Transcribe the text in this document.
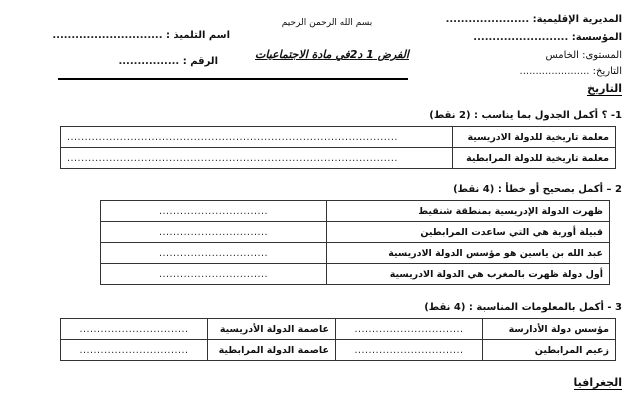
المديرية الإقليمية: ......................
المؤسسة: .........................
المستوى: الخامس
التاريخ: ......................
التاريخ
بسم الله الرحمن الرحيم
الفرض 1 د2في مادة الاجتماعيات
اسم التلميذ : .............................
الرقم : ................
1- ؟ أكمل الجدول بما يناسب : (2 نقط)
معلمة تاريخية للدولة الادريسية	..............................................................................................
معلمة تاريخية للدولة المرابطية	..............................................................................................
2 – أكمل بصحيح أو خطأ : (4 نقط)
ظهرت الدولة الإدريسية بمنطقة شنقيط	...............................
قبيلة أوربة هي التي ساعدت المرابطين	...............................
عبد الله بن ياسين هو مؤسس الدولة الادريسية	...............................
أول دولة ظهرت بالمغرب هي الدولة الادريسية	...............................
3 - أكمل بالمعلومات المناسبة : (4 نقط)
مؤسس دولة الأدارسة	...............................	عاصمة الدولة الأدريسية	...............................
زعيم المرابطين	...............................	عاصمة الدولة المرابطية	...............................
الجغرافيا
